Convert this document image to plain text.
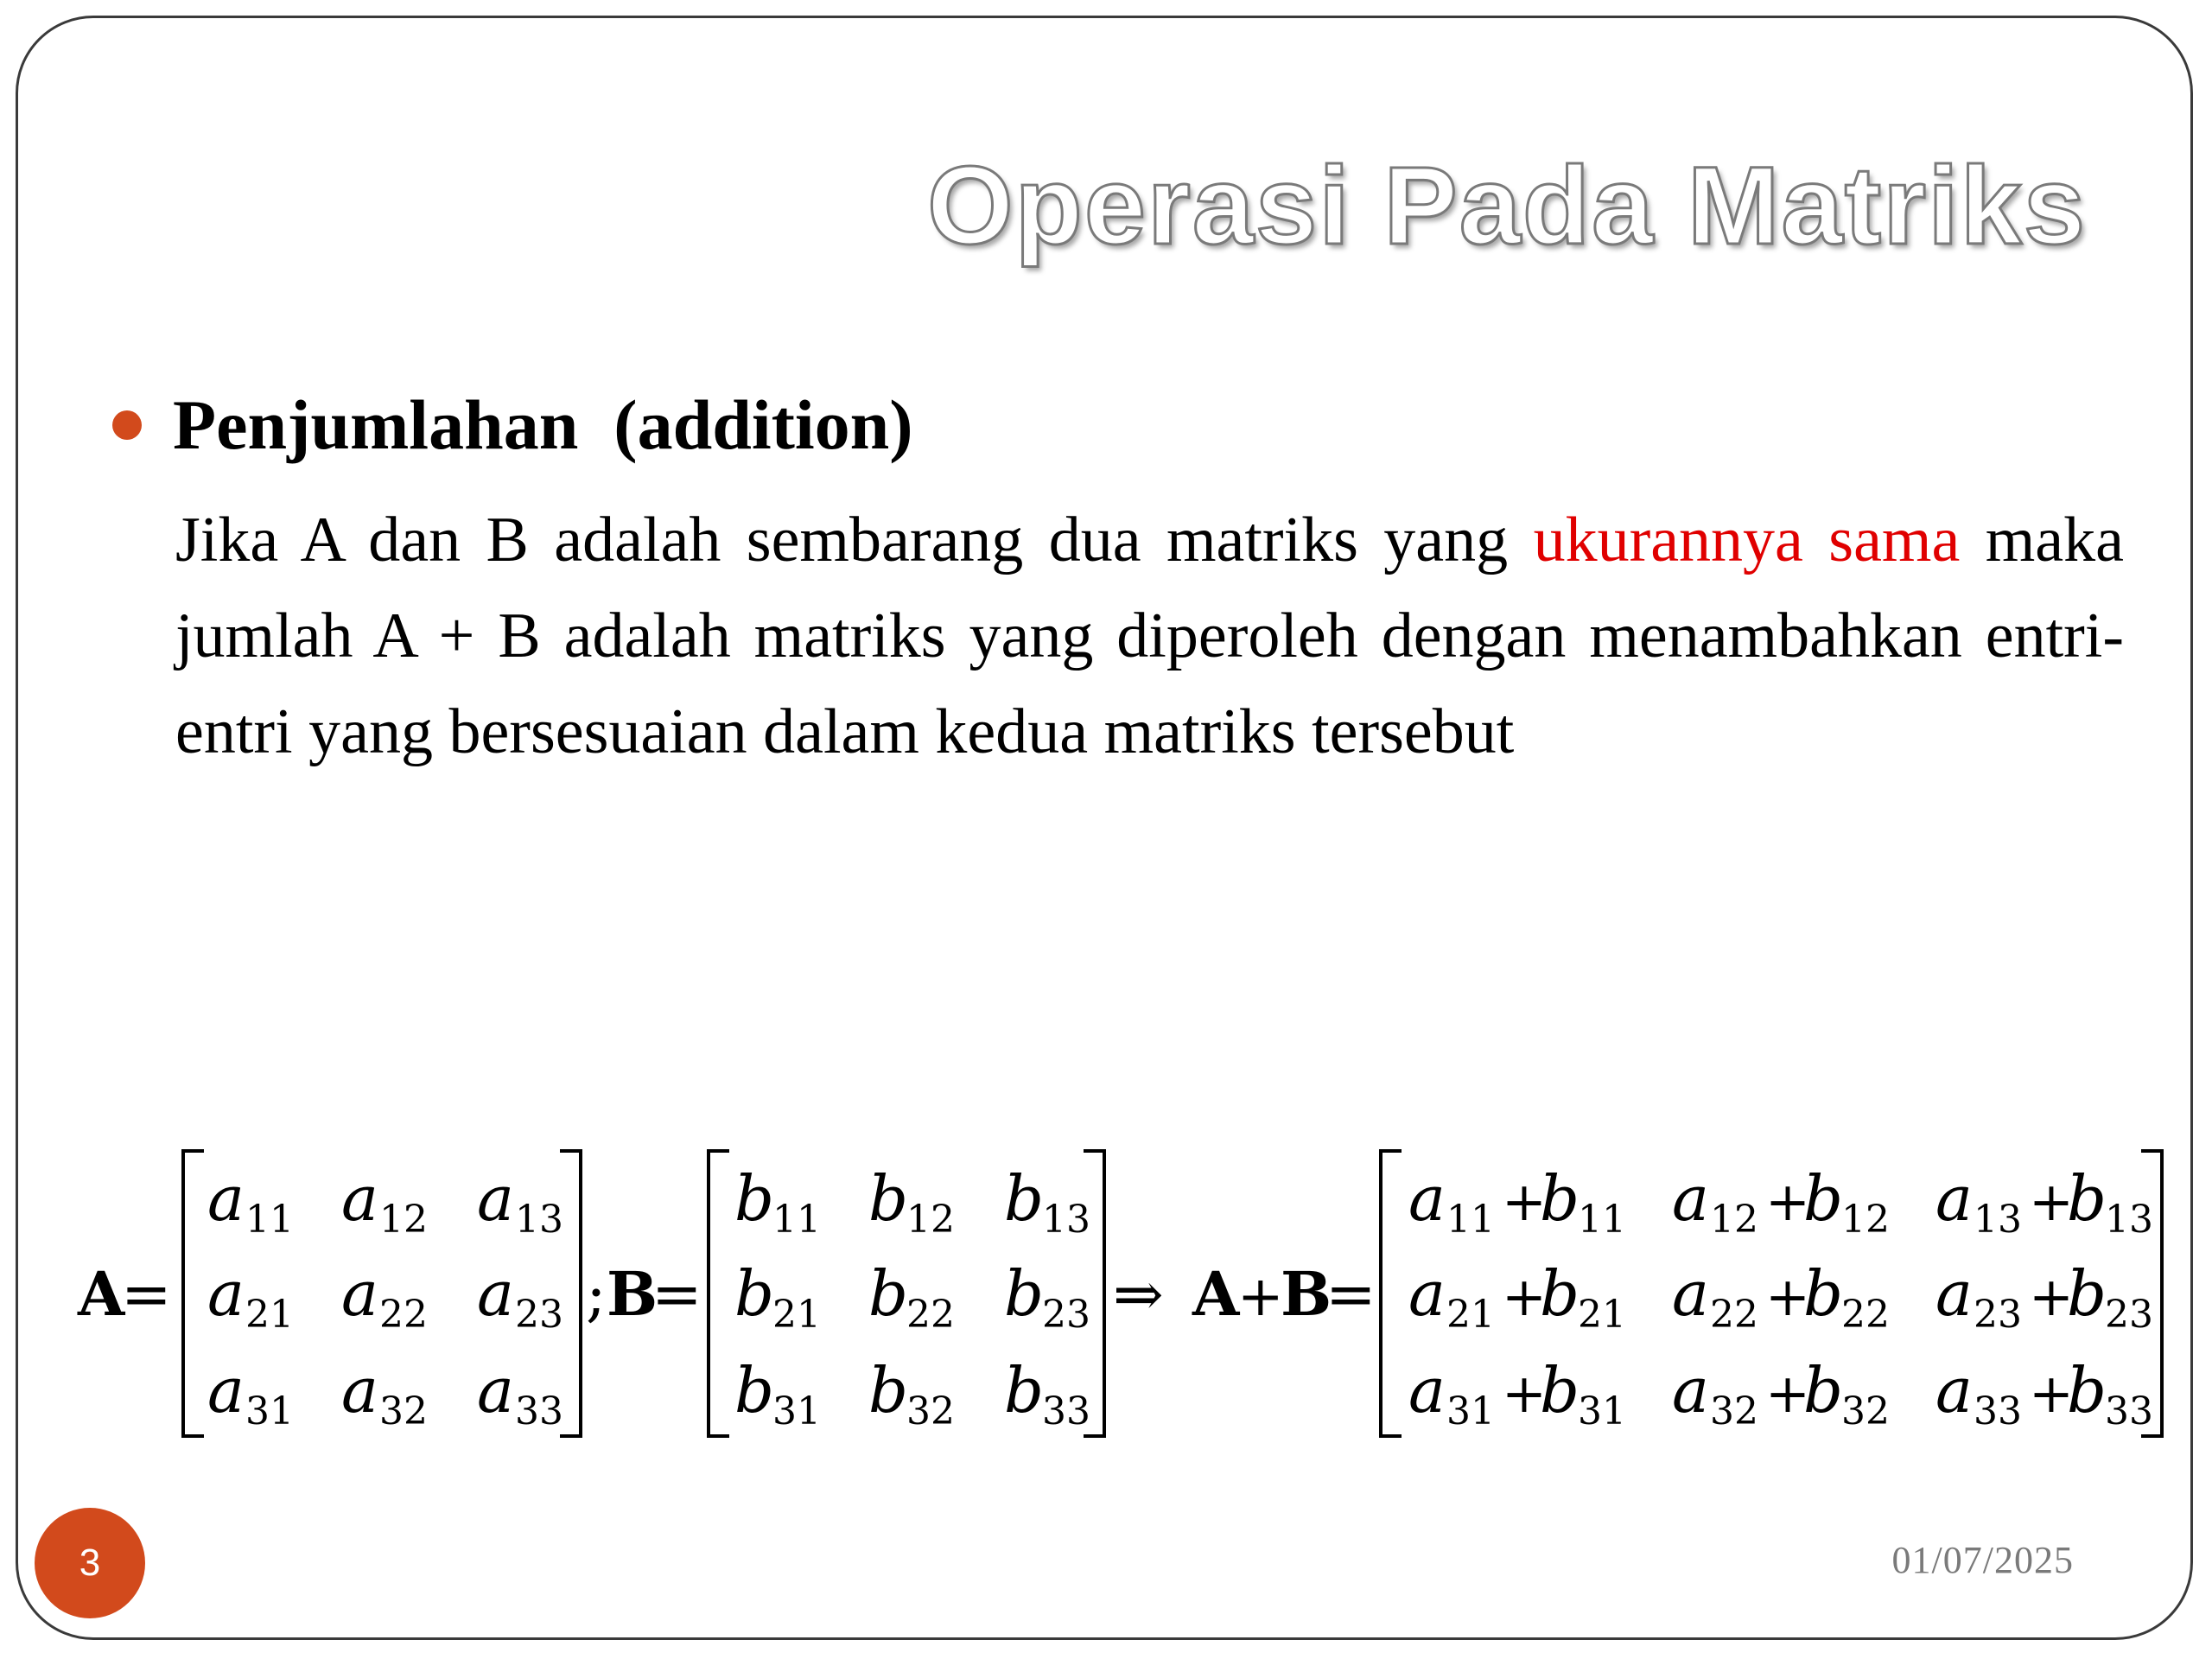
Operasi Pada Matriks
Penjumlahan  (addition)
Jika A dan B adalah sembarang dua matriks yang ukurannya sama maka jumlah A + B adalah matriks yang diperoleh dengan menambahkan entri-entri yang bersesuaian dalam kedua matriks tersebut
A
=
a 11 a 12 a 13
a 21 a 22 a 23
a 31 a 32 a 33
; B
=
b
11 b
12 b
13
b
21 b
22 b
23
b
31 b
32 b
33
⇒ A
+
B
=
a 11 +
b
11 a 12 +
b
12 a 13 +
b
13
a 21 +
b
21 a 22 +
b
22 a 23 +
b
23
a 31 +
b
31 a 32 +
b
32 a 33 +
b
33
3	01/07/2025
